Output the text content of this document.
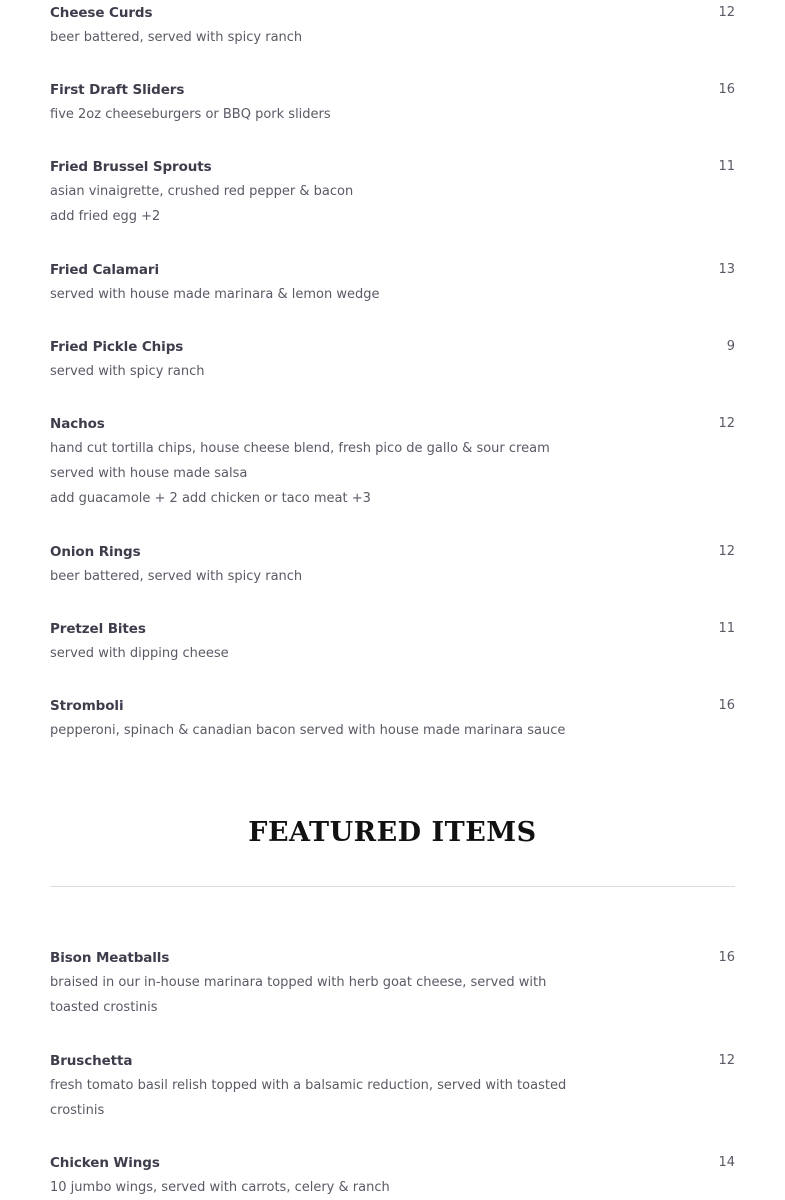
Cheese Curds	12
beer battered, served with spicy ranch
First Draft Sliders	16
five 2oz cheeseburgers or BBQ pork sliders
Fried Brussel Sprouts	11
asian vinaigrette, crushed red pepper & bacon
add fried egg +2
Fried Calamari	13
served with house made marinara & lemon wedge
Fried Pickle Chips	9
served with spicy ranch
Nachos	12
hand cut tortilla chips, house cheese blend, fresh pico de gallo & sour cream
served with house made salsa
add guacamole + 2 add chicken or taco meat +3
Onion Rings	12
beer battered, served with spicy ranch
Pretzel Bites	11
served with dipping cheese
Stromboli	16
pepperoni, spinach & canadian bacon served with house made marinara sauce
FEATURED ITEMS
Bison Meatballs	16
braised in our in-house marinara topped with herb goat cheese, served with
toasted crostinis
Bruschetta	12
fresh tomato basil relish topped with a balsamic reduction, served with toasted
crostinis
Chicken Wings	14
10 jumbo wings, served with carrots, celery & ranch
